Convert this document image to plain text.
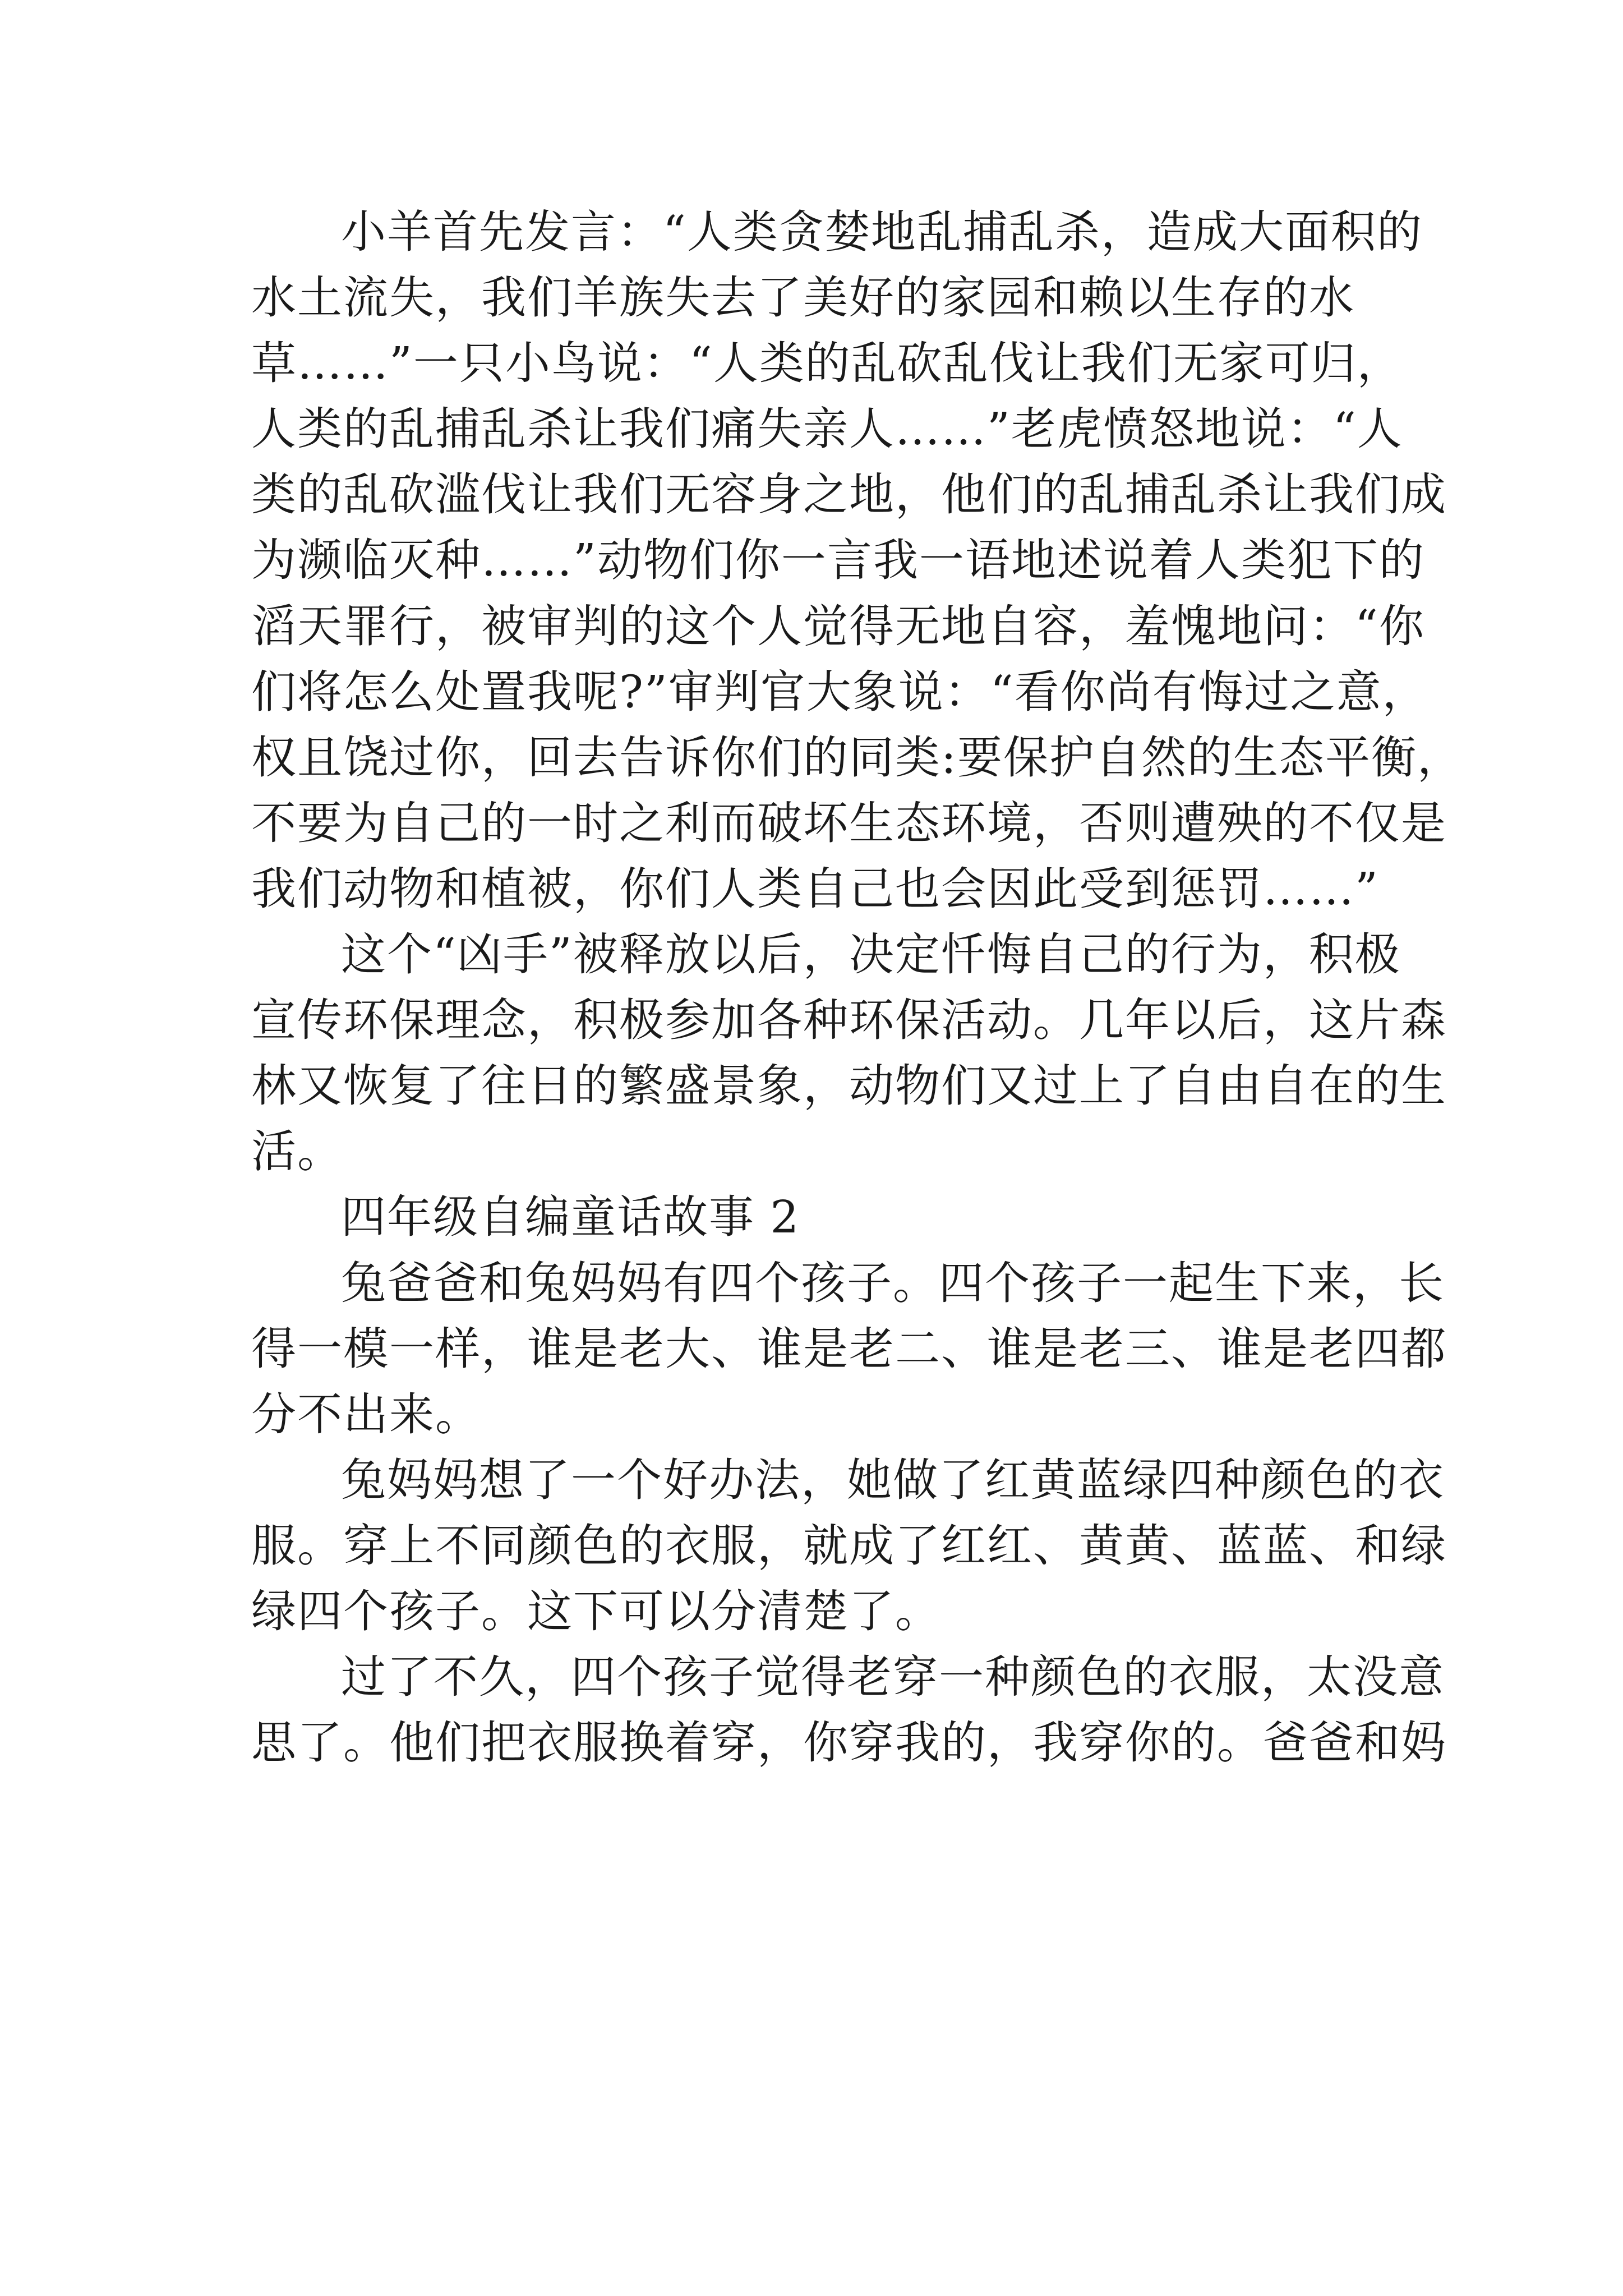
小羊首先发言：“人类贪婪地乱捕乱杀，造成大面积的
水土流失，我们羊族失去了美好的家园和赖以生存的水
草……”一只小鸟说：“人类的乱砍乱伐让我们无家可归，
人类的乱捕乱杀让我们痛失亲人……”老虎愤怒地说：“人
类的乱砍滥伐让我们无容身之地，他们的乱捕乱杀让我们成
为濒临灭种……”动物们你一言我一语地述说着人类犯下的
滔天罪行，被审判的这个人觉得无地自容，羞愧地问：“你
们将怎么处置我呢?”审判官大象说：“看你尚有悔过之意，
权且饶过你，回去告诉你们的同类:要保护自然的生态平衡，
不要为自己的一时之利而破坏生态环境，否则遭殃的不仅是
我们动物和植被，你们人类自己也会因此受到惩罚……”
这个“凶手”被释放以后，决定忏悔自己的行为，积极
宣传环保理念，积极参加各种环保活动。几年以后，这片森
林又恢复了往日的繁盛景象，动物们又过上了自由自在的生
活。
四年级自编童话故事 2
兔爸爸和兔妈妈有四个孩子。四个孩子一起生下来，长
得一模一样，谁是老大、谁是老二、谁是老三、谁是老四都
分不出来。
兔妈妈想了一个好办法，她做了红黄蓝绿四种颜色的衣
服。穿上不同颜色的衣服，就成了红红、黄黄、蓝蓝、和绿
绿四个孩子。这下可以分清楚了。
过了不久，四个孩子觉得老穿一种颜色的衣服，太没意
思了。他们把衣服换着穿，你穿我的，我穿你的。爸爸和妈
